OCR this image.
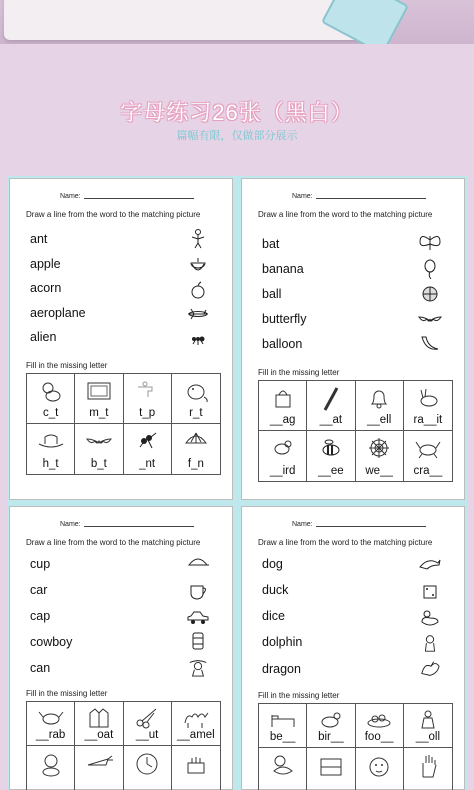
字母练习26张（黑白）
篇幅有限，仅做部分展示
Name:
Draw a line from the word to the matching picture
ant
apple
acorn
aeroplane
alien
Fill in the missing letter
c_t	m_t	t_p	r_t
h_t	b_t	_nt	f_n
Name:
Draw a line from the word to the matching picture
bat
banana
ball
butterfly
balloon
Fill in the missing letter
__ag	__at	__ell	ra__it
__ird	__ee	we__	cra__
Name:
Draw a line from the word to the matching picture
cup
car
cap
cowboy
can
Fill in the missing letter
__rab	__oat	__ut	__amel
Name:
Draw a line from the word to the matching picture
dog
duck
dice
dolphin
dragon
Fill in the missing letter
be__	bir__	foo__	__oll
